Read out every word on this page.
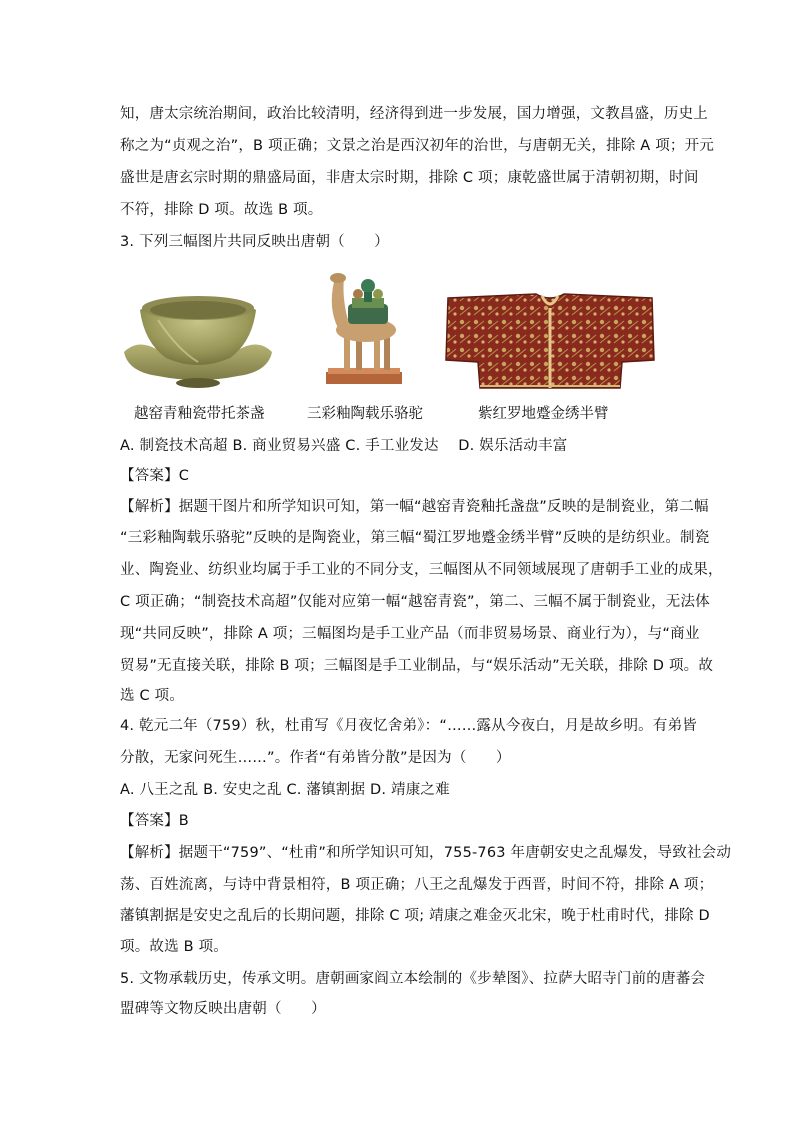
知，唐太宗统治期间，政治比较清明，经济得到进一步发展，国力增强，文教昌盛，历史上
称之为“贞观之治”，B 项正确；文景之治是西汉初年的治世，与唐朝无关，排除 A 项；开元
盛世是唐玄宗时期的鼎盛局面，非唐太宗时期，排除 C 项；康乾盛世属于清朝初期，时间
不符，排除 D 项。故选 B 项。
3. 下列三幅图片共同反映出唐朝（　　）
越窑青釉瓷带托茶盏	三彩釉陶载乐骆驼	紫红罗地蹙金绣半臂
A. 制瓷技术高超 B. 商业贸易兴盛 C. 手工业发达　 D. 娱乐活动丰富
【答案】C
【解析】据题干图片和所学知识可知，第一幅“越窑青瓷釉托盏盘”反映的是制瓷业，第二幅
“三彩釉陶载乐骆驼”反映的是陶瓷业，第三幅“蜀江罗地蹙金绣半臂”反映的是纺织业。制瓷
业、陶瓷业、纺织业均属于手工业的不同分支，三幅图从不同领域展现了唐朝手工业的成果，
C 项正确；“制瓷技术高超”仅能对应第一幅“越窑青瓷”，第二、三幅不属于制瓷业，无法体
现“共同反映”，排除 A 项；三幅图均是手工业产品（而非贸易场景、商业行为），与“商业
贸易”无直接关联，排除 B 项；三幅图是手工业制品，与“娱乐活动”无关联，排除 D 项。故
选 C 项。
4. 乾元二年（759）秋，杜甫写《月夜忆舍弟》：“……露从今夜白，月是故乡明。有弟皆
分散，无家问死生……”。作者“有弟皆分散”是因为（　　）
A. 八王之乱 B. 安史之乱 C. 藩镇割据 D. 靖康之难
【答案】B
【解析】据题干“759”、“杜甫”和所学知识可知，755-763 年唐朝安史之乱爆发，导致社会动
荡、百姓流离，与诗中背景相符，B 项正确；八王之乱爆发于西晋，时间不符，排除 A 项；
藩镇割据是安史之乱后的长期问题，排除 C 项; 靖康之难金灭北宋，晚于杜甫时代，排除 D
项。故选 B 项。
5. 文物承载历史，传承文明。唐朝画家阎立本绘制的《步辇图》、拉萨大昭寺门前的唐蕃会
盟碑等文物反映出唐朝（　　）
